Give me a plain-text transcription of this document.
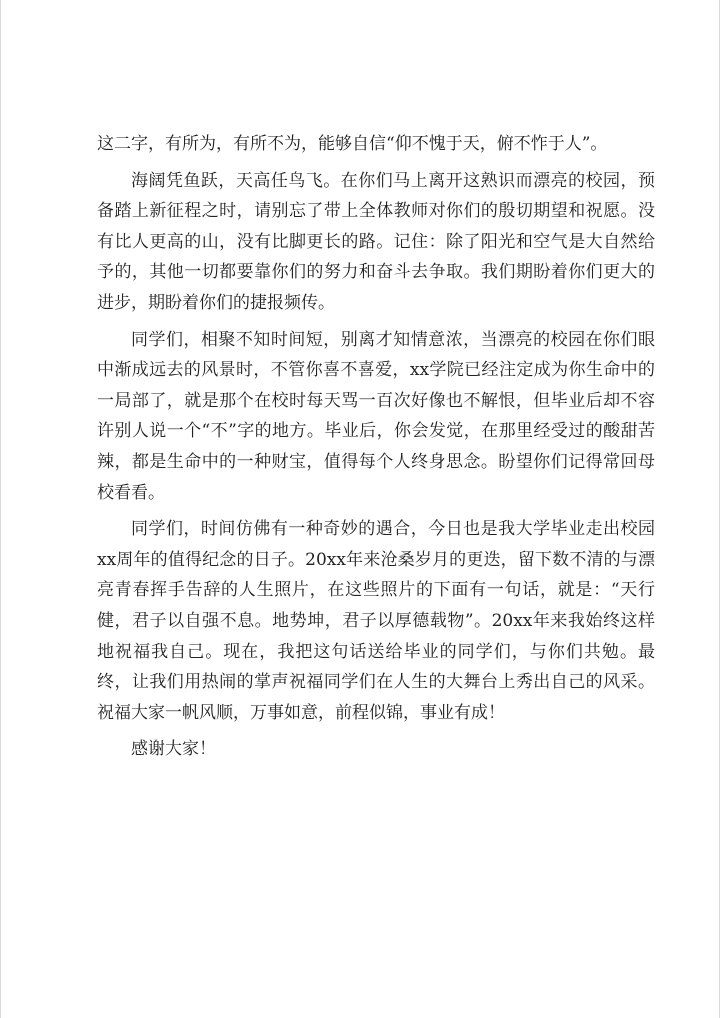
这二字，有所为，有所不为，能够自信“仰不愧于天，俯不怍于人”。

海阔凭鱼跃，天高任鸟飞。在你们马上离开这熟识而漂亮的校园，预备踏上新征程之时，请别忘了带上全体教师对你们的殷切期望和祝愿。没有比人更高的山，没有比脚更长的路。记住：除了阳光和空气是大自然给予的，其他一切都要靠你们的努力和奋斗去争取。我们期盼着你们更大的进步，期盼着你们的捷报频传。

同学们，相聚不知时间短，别离才知情意浓，当漂亮的校园在你们眼中渐成远去的风景时，不管你喜不喜爱，xx学院已经注定成为你生命中的一局部了，就是那个在校时每天骂一百次好像也不解恨，但毕业后却不容许别人说一个“不”字的地方。毕业后，你会发觉，在那里经受过的酸甜苦辣，都是生命中的一种财宝，值得每个人终身思念。盼望你们记得常回母校看看。

同学们，时间仿佛有一种奇妙的遇合，今日也是我大学毕业走出校园xx周年的值得纪念的日子。20xx年来沧桑岁月的更迭，留下数不清的与漂亮青春挥手告辞的人生照片，在这些照片的下面有一句话，就是：“天行健，君子以自强不息。地势坤，君子以厚德载物”。20xx年来我始终这样地祝福我自己。现在，我把这句话送给毕业的同学们，与你们共勉。最终，让我们用热闹的掌声祝福同学们在人生的大舞台上秀出自己的风采。祝福大家一帆风顺，万事如意，前程似锦，事业有成！

感谢大家！
